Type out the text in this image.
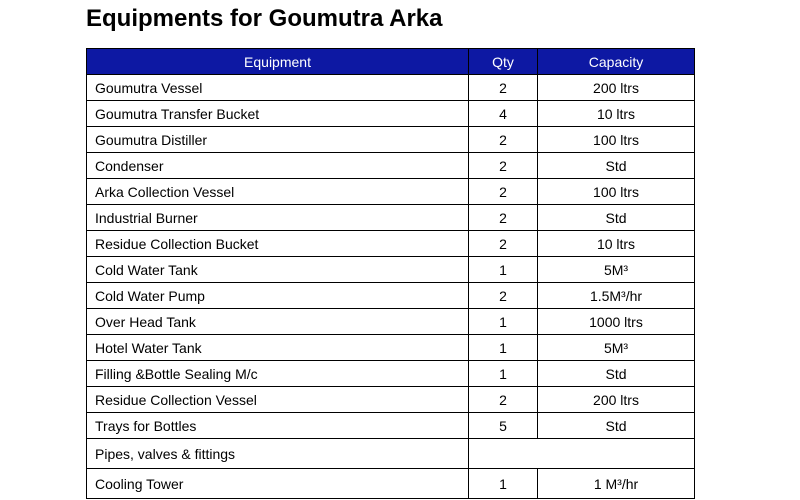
Equipments for Goumutra Arka
Equipment	Qty	Capacity
Goumutra Vessel	2	200 ltrs
Goumutra Transfer Bucket	4	10 ltrs
Goumutra Distiller	2	100 ltrs
Condenser	2	Std
Arka Collection Vessel	2	100 ltrs
Industrial Burner	2	Std
Residue Collection Bucket	2	10 ltrs
Cold Water Tank	1	5M³
Cold Water Pump	2	1.5M³/hr
Over Head Tank	1	1000 ltrs
Hotel Water Tank	1	5M³
Filling &Bottle Sealing M/c	1	Std
Residue Collection Vessel	2	200 ltrs
Trays for Bottles	5	Std
Pipes, valves & fittings		
Cooling Tower	1	1 M³/hr
